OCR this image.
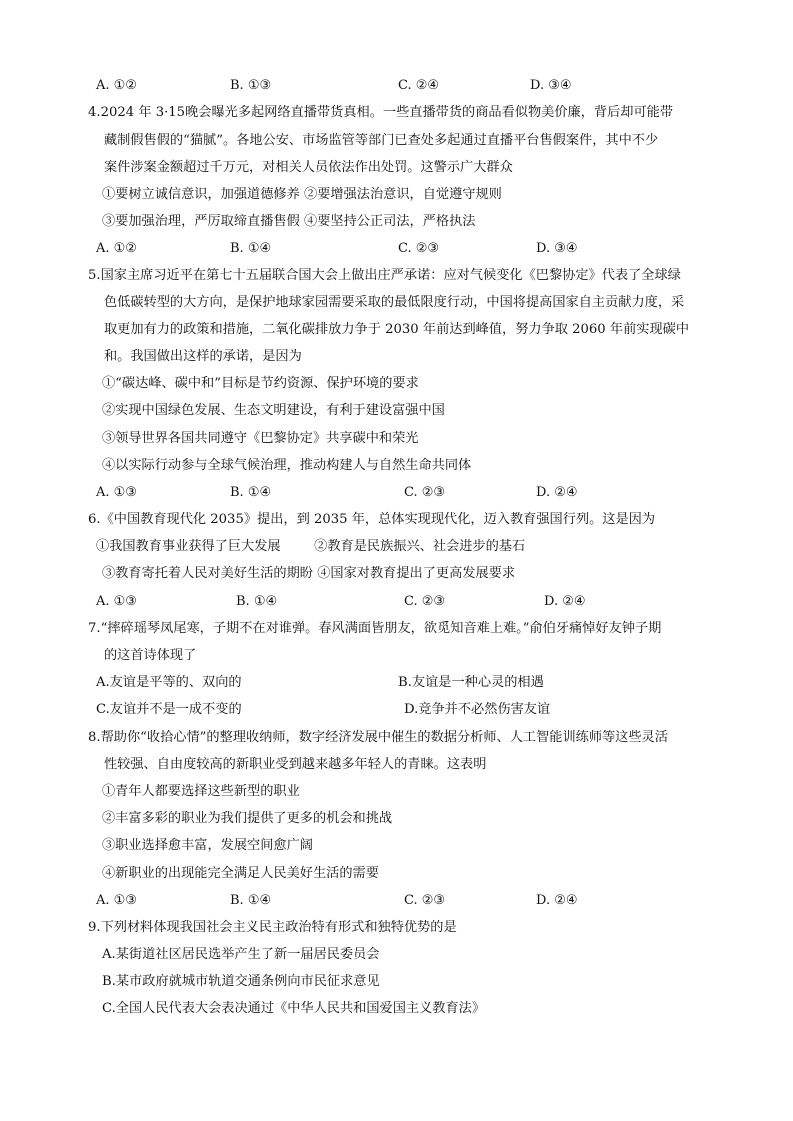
A. ①②	B. ①③	C. ②④	D. ③④
4.2024 年 3·15晚会曝光多起网络直播带货真相。一些直播带货的商品看似物美价廉，背后却可能带
藏制假售假的“猫腻”。各地公安、市场监管等部门已查处多起通过直播平台售假案件，其中不少
案件涉案金额超过千万元，对相关人员依法作出处罚。这警示广大群众
①要树立诚信意识，加强道德修养 ②要增强法治意识，自觉遵守规则
③要加强治理，严厉取缔直播售假 ④要坚持公正司法，严格执法
A. ①②	B. ①④	C. ②③	D. ③④
5.国家主席习近平在第七十五届联合国大会上做出庄严承诺：应对气候变化《巴黎协定》代表了全球绿
色低碳转型的大方向，是保护地球家园需要采取的最低限度行动，中国将提高国家自主贡献力度，采
取更加有力的政策和措施，二氧化碳排放力争于 2030 年前达到峰值，努力争取 2060 年前实现碳中
和。我国做出这样的承诺，是因为
①“碳达峰、碳中和”目标是节约资源、保护环境的要求
②实现中国绿色发展、生态文明建设，有利于建设富强中国
③领导世界各国共同遵守《巴黎协定》共享碳中和荣光
④以实际行动参与全球气候治理，推动构建人与自然生命共同体
A. ①③	B. ①④	C. ②③	D. ②④
6.《中国教育现代化 2035》提出，到 2035 年，总体实现现代化，迈入教育强国行列。这是因为
①我国教育事业获得了巨大发展        ②教育是民族振兴、社会进步的基石
③教育寄托着人民对美好生活的期盼 ④国家对教育提出了更高发展要求
A. ①③	B. ①④	C. ②③	D. ②④
7.“摔碎瑶琴凤尾寒，子期不在对谁弹。春风满面皆朋友，欲觅知音难上难。”俞伯牙痛悼好友钟子期
的这首诗体现了
A.友谊是平等的、双向的	B.友谊是一种心灵的相遇
C.友谊并不是一成不变的	D.竞争并不必然伤害友谊
8.帮助你“收拾心情”的整理收纳师，数字经济发展中催生的数据分析师、人工智能训练师等这些灵活
性较强、自由度较高的新职业受到越来越多年轻人的青睐。这表明
①青年人都要选择这些新型的职业
②丰富多彩的职业为我们提供了更多的机会和挑战
③职业选择愈丰富，发展空间愈广阔
④新职业的出现能完全满足人民美好生活的需要
A. ①③	B. ①④	C. ②③	D. ②④
9.下列材料体现我国社会主义民主政治特有形式和独特优势的是
A.某街道社区居民选举产生了新一届居民委员会
B.某市政府就城市轨道交通条例向市民征求意见
C.全国人民代表大会表决通过《中华人民共和国爱国主义教育法》
